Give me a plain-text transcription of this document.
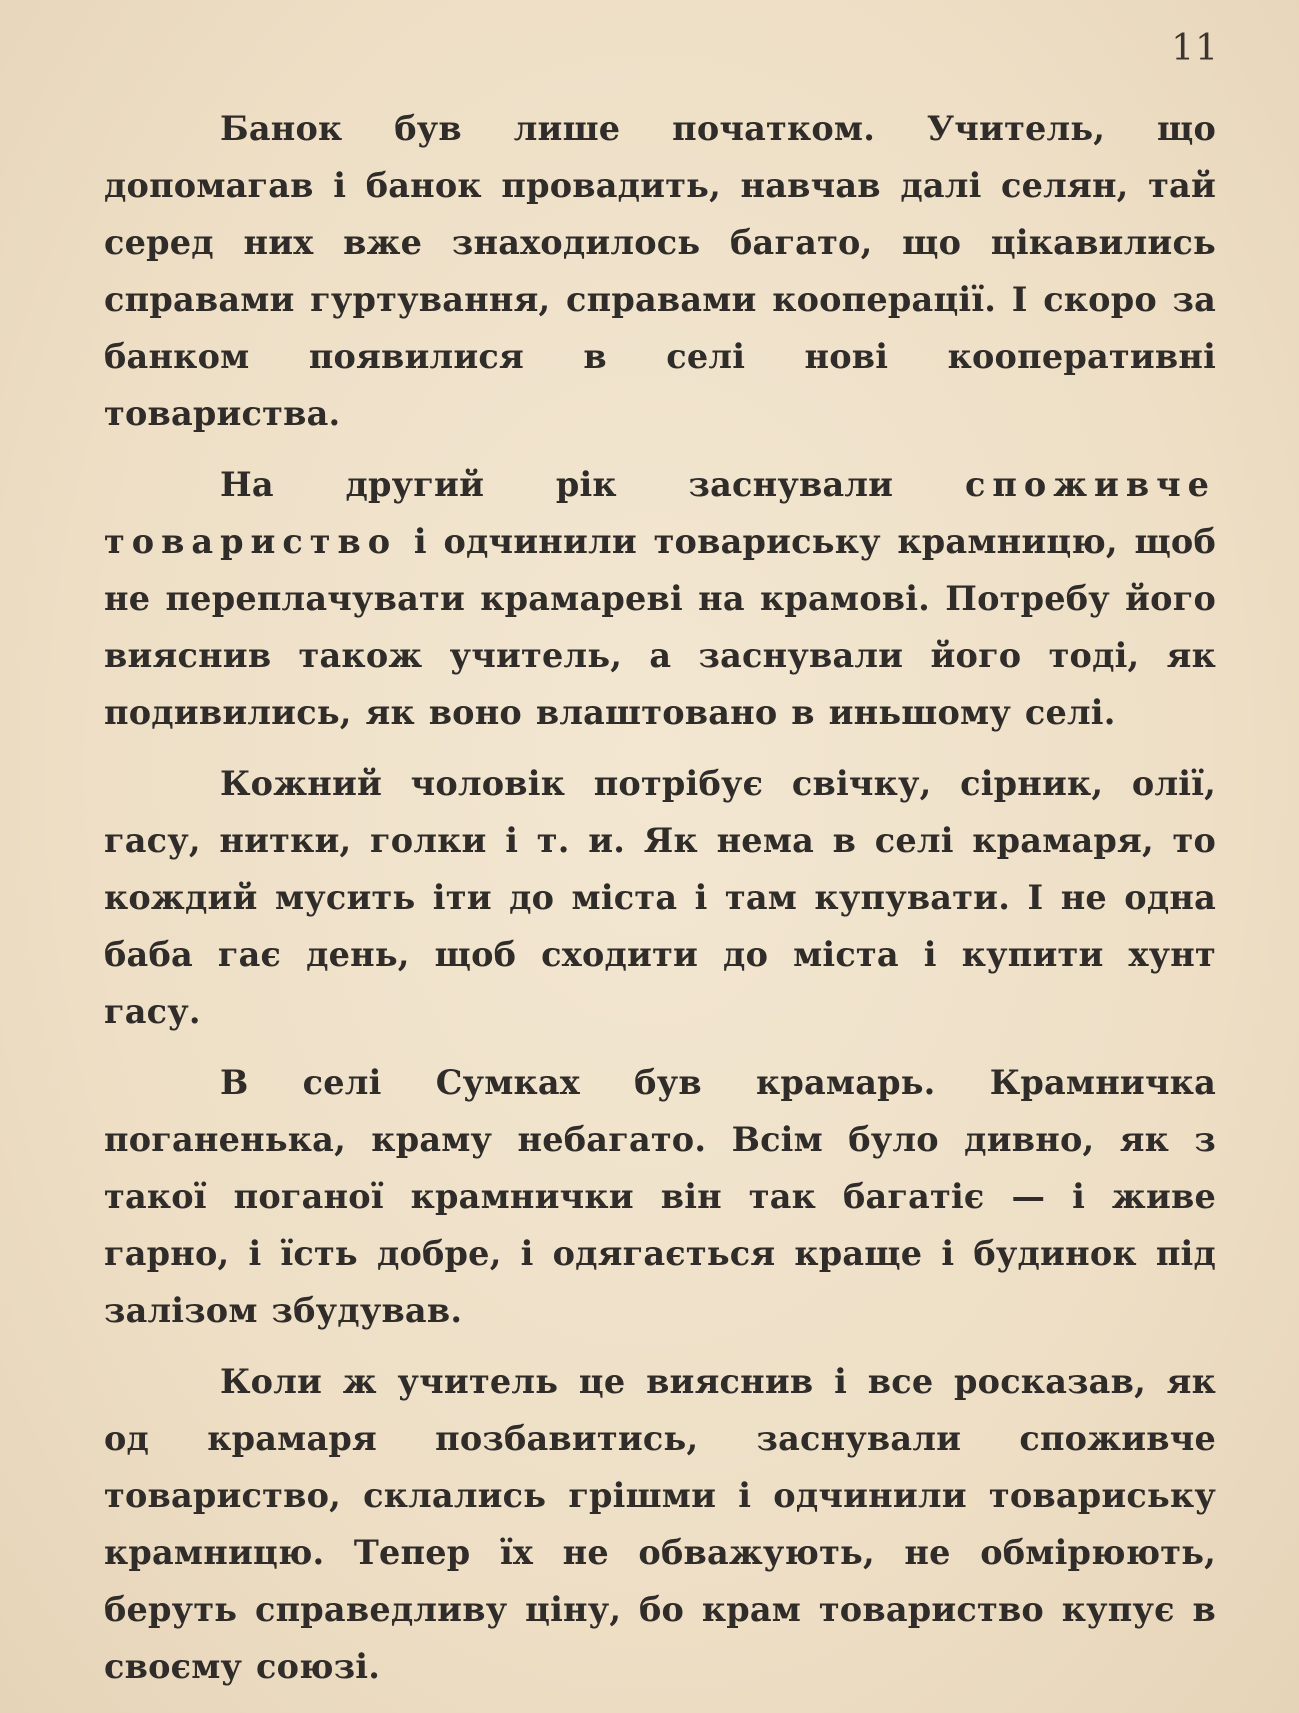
11

Банок був лише початком. Учитель, що допомагав і банок провадить, навчав далі селян, тай серед них вже знаходилось багато, що цікавились справами гуртування, справами кооперації. І скоро за банком появилися в селі нові кооперативні товариства.

На другий рік заснували споживче товариство і одчинили товариську крамницю, щоб не переплачувати крамареві на крамові. Потребу його вияснив також учитель, а заснували його тоді, як подивились, як воно влаштовано в иньшому селі.

Кожний чоловік потрібує свічку, сірник, олії, гасу, нитки, голки і т. и. Як нема в селі крамаря, то кождий мусить іти до міста і там купувати. І не одна баба гає день, щоб сходити до міста і купити хунт гасу.

В селі Сумках був крамарь. Крамничка поганенька, краму небагато. Всім було дивно, як з такої поганої крамнички він так багатіє — і живе гарно, і їсть добре, і одягається краще і будинок під залізом збудував.

Коли ж учитель це вияснив і все росказав, як од крамаря позбавитись, заснували споживче товариство, склались грішми і одчинили товариську крамницю. Тепер їх не обважують, не обмірюють, беруть справедливу ціну, бо крам товариство купує в своєму союзі.
